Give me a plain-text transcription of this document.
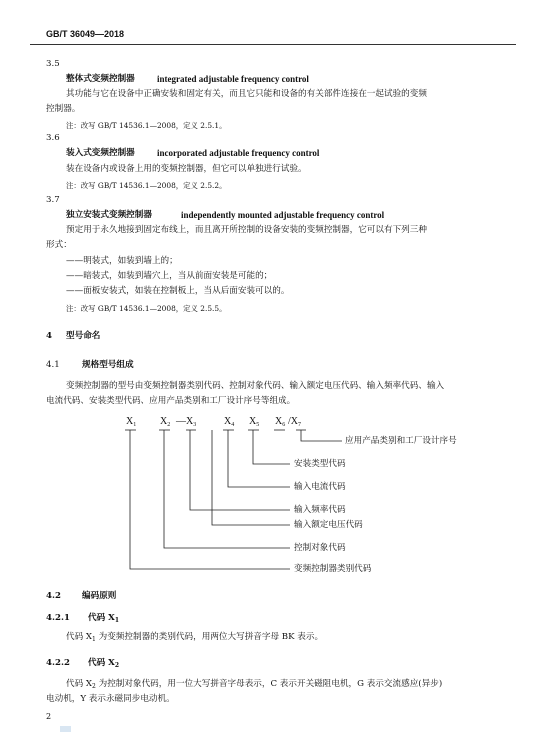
GB/T 36049—2018
3.5
整体式变频控制器 integrated adjustable frequency control
其功能与它在设备中正确安装和固定有关，而且它只能和设备的有关部件连接在一起试验的变频
控制器。
注：改写 GB/T 14536.1—2008，定义 2.5.1。
3.6
装入式变频控制器 incorporated adjustable frequency control
装在设备内或设备上用的变频控制器，但它可以单独进行试验。
注：改写 GB/T 14536.1—2008，定义 2.5.2。
3.7
独立安装式变频控制器	independently mounted adjustable frequency control
预定用于永久地接到固定布线上，而且离开所控制的设备安装的变频控制器，它可以有下列三种
形式：
——明装式，如装到墙上的；
——暗装式，如装到墙穴上，当从前面安装是可能的；
——面板安装式，如装在控制板上，当从后面安装可以的。
注：改写 GB/T 14536.1—2008，定义 2.5.5。
4 型号命名
4.1	规格型号组成
变频控制器的型号由变频控制器类别代码、控制对象代码、输入额定电压代码、输入频率代码、输入
电流代码、安装类型代码、应用产品类别和工厂设计序号等组成。
$X_1$ $X_2$ $—X_3$	$X_4$ $X_5$ $X_6$ $/X_7$
应用产品类别和工厂设计序号
安装类型代码
输入电流代码
输入频率代码
输入额定电压代码
控制对象代码
变频控制器类别代码
4.2 编码原则
4.2.1 代码 $X_1$
代码 $X_1$ 为变频控制器的类别代码，用两位大写拼音字母 BK 表示。
4.2.2 代码 $X_2$
代码 $X_2$ 为控制对象代码，用一位大写拼音字母表示，C 表示开关磁阻电机，G 表示交流感应(异步)
电动机，Y 表示永磁同步电动机。
2
